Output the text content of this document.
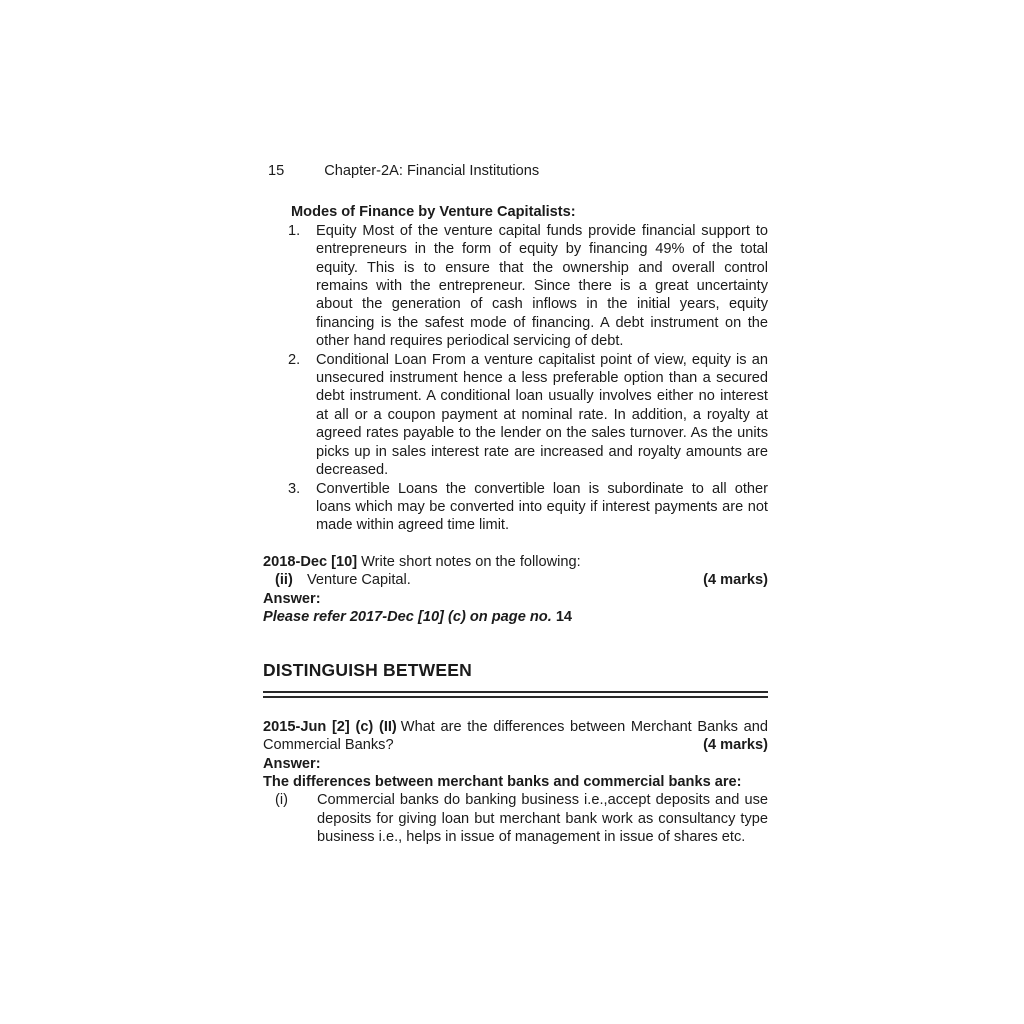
15	Chapter-2A: Financial Institutions
Modes of Finance by Venture Capitalists:
1.	Equity Most of the venture capital funds provide financial support to entrepreneurs in the form of equity by financing 49% of the total equity. This is to ensure that the ownership and overall control remains with the entrepreneur. Since there is a great uncertainty about the generation of cash inflows in the initial years, equity financing is the safest mode of financing. A debt instrument on the other hand requires periodical servicing of debt.
2.	Conditional Loan From a venture capitalist point of view, equity is an unsecured instrument hence a less preferable option than a secured debt instrument. A conditional loan usually involves either no interest at all or a coupon payment at nominal rate. In addition, a royalty at agreed rates payable to the lender on the sales turnover. As the units picks up in sales interest rate are increased and royalty amounts are decreased.
3.	Convertible Loans the convertible loan is subordinate to all other loans which may be converted into equity if interest payments are not made within agreed time limit.
2018-Dec [10] Write short notes on the following:
(ii) Venture Capital.	(4 marks)
Answer:
Please refer 2017-Dec [10] (c) on page no. 14
DISTINGUISH BETWEEN
2015-Jun [2] (c) (II) What are the differences between Merchant Banks and Commercial Banks?	(4 marks)
Answer:
The differences between merchant banks and commercial banks are:
(i)	Commercial banks do banking business i.e.,accept deposits and use deposits for giving loan but merchant bank work as consultancy type business i.e., helps in issue of management in issue of shares etc.
